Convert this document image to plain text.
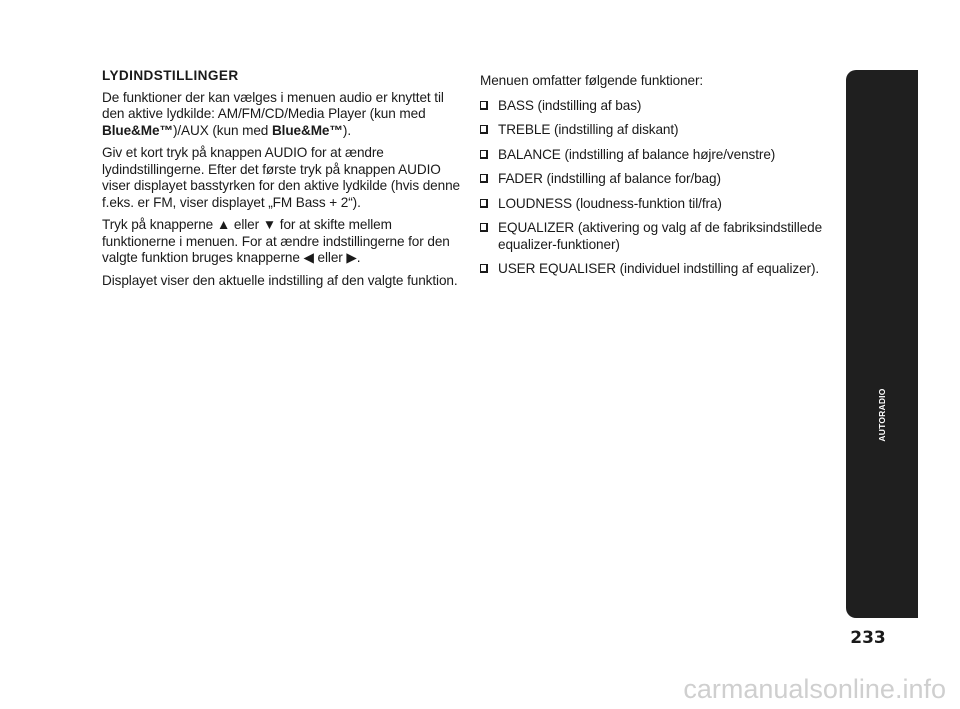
LYDINDSTILLINGER

De funktioner der kan vælges i menuen audio er knyttet til den aktive lydkilde: AM/FM/CD/Media Player (kun med Blue&Me™)/AUX (kun med Blue&Me™).

Giv et kort tryk på knappen AUDIO for at ændre lydindstillingerne. Efter det første tryk på knappen AUDIO viser displayet basstyrken for den aktive lydkilde (hvis denne f.eks. er FM, viser displayet „FM Bass + 2“).

Tryk på knapperne ▲ eller ▼ for at skifte mellem funktionerne i menuen. For at ændre indstillingerne for den valgte funktion bruges knapperne ◀ eller ▶.

Displayet viser den aktuelle indstilling af den valgte funktion.

Menuen omfatter følgende funktioner:
BASS (indstilling af bas)
TREBLE (indstilling af diskant)
BALANCE (indstilling af balance højre/venstre)
FADER (indstilling af balance for/bag)
LOUDNESS (loudness-funktion til/fra)
EQUALIZER (aktivering og valg af de fabriksindstillede equalizer-funktioner)
USER EQUALISER (individuel indstilling af equalizer).
AUTORADIO
233
carmanualsonline.info
